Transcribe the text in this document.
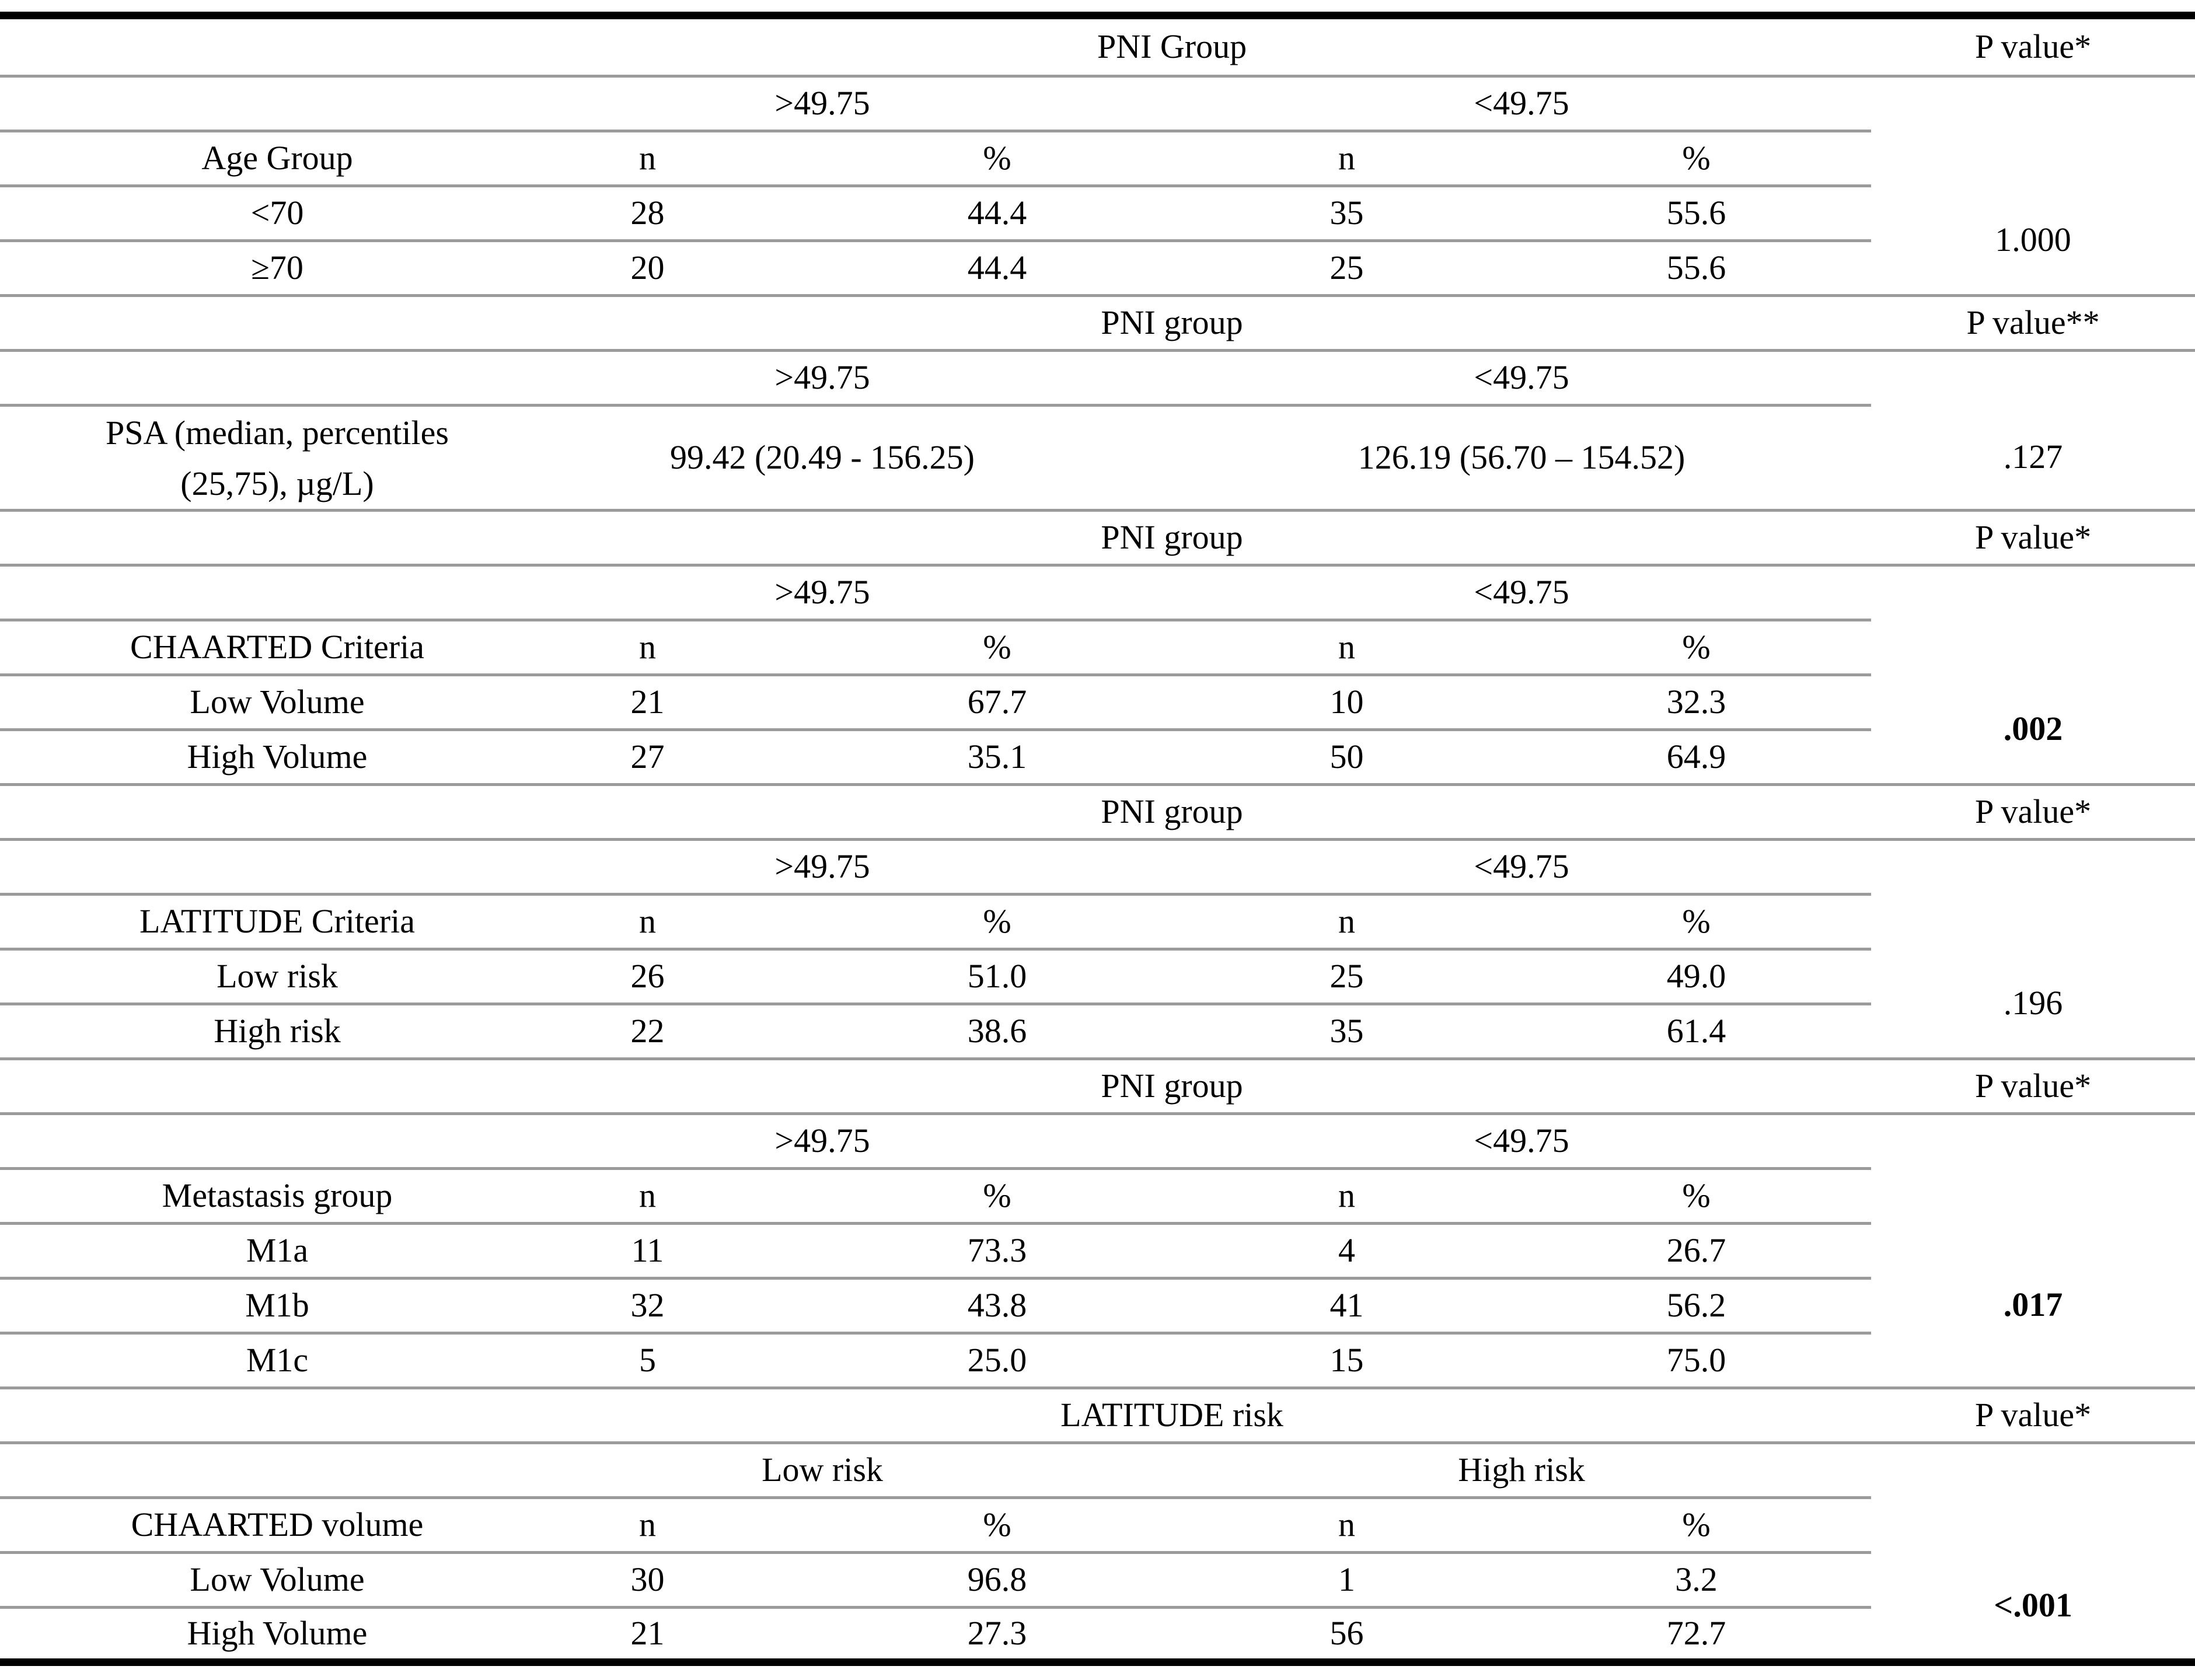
	PNI Group				P value*
	>49.75		<49.75		
Age Group	n	%	n	%	
<70	28	44.4	35	55.6	1.000
≥70	20	44.4	25	55.6	
	PNI group				P value**
	>49.75		<49.75		
PSA (median, percentiles
(25,75), µg/L)	99.42 (20.49 - 156.25)		126.19 (56.70 – 154.52)		.127
	PNI group				P value*
	>49.75		<49.75		
CHAARTED Criteria	n	%	n	%	
Low Volume	21	67.7	10	32.3	.002
High Volume	27	35.1	50	64.9	
	PNI group				P value*
	>49.75		<49.75		
LATITUDE Criteria	n	%	n	%	
Low risk	26	51.0	25	49.0	.196
High risk	22	38.6	35	61.4	
	PNI group				P value*
	>49.75		<49.75		
Metastasis group	n	%	n	%	
M1a	11	73.3	4	26.7	.017
M1b	32	43.8	41	56.2	
M1c	5	25.0	15	75.0	
	LATITUDE risk				P value*
	Low risk		High risk		
CHAARTED volume	n	%	n	%	
Low Volume	30	96.8	1	3.2	<.001
High Volume	21	27.3	56	72.7	
